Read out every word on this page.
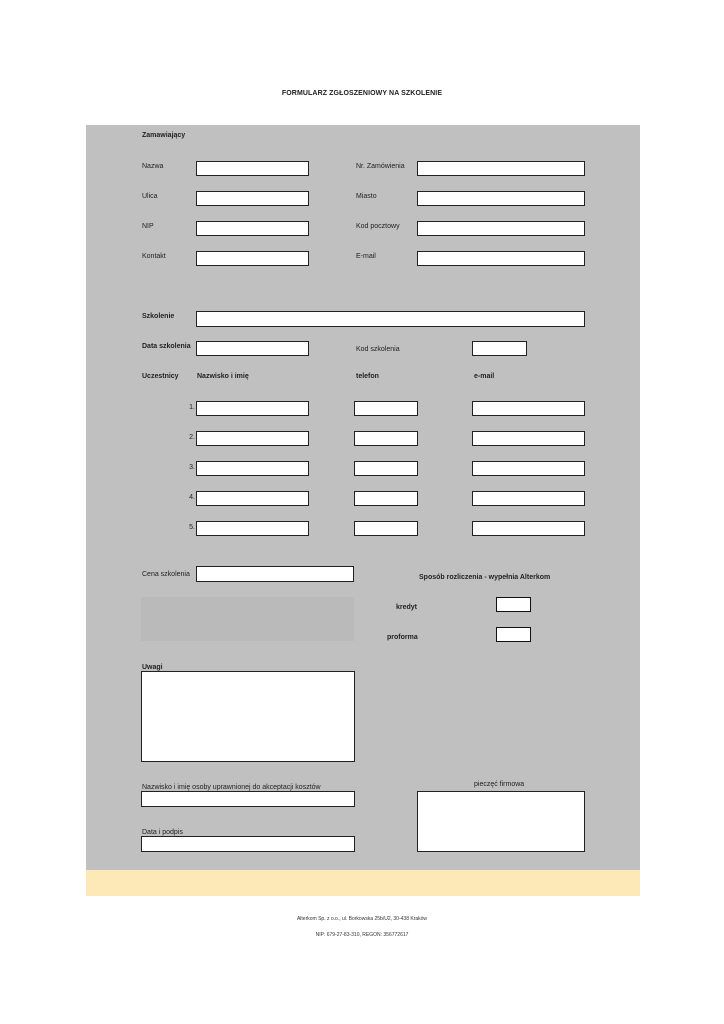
FORMULARZ ZGŁOSZENIOWY NA SZKOLENIE
Zamawiający
Nazwa	Nr. Zamówienia
Ulica	Miasto
NIP	Kod pocztowy
Kontakt	E-mail
Szkolenie
Data szkolenia	Kod szkolenia
Uczestnicy	Nazwisko i imię	telefon	e-mail
1.
2.
3.
4.
5.
Cena szkolenia	Sposób rozliczenia - wypełnia Alterkom
kredyt
proforma
Uwagi
Nazwisko i imię osoby uprawnionej do akceptacji kosztów	pieczęć firmowa
Data i podpis
Alterkom Sp. z o.o., ul. Borkowska 25b/U2, 30-438 Kraków
NIP: 679-27-83-310, REGON: 356772617
